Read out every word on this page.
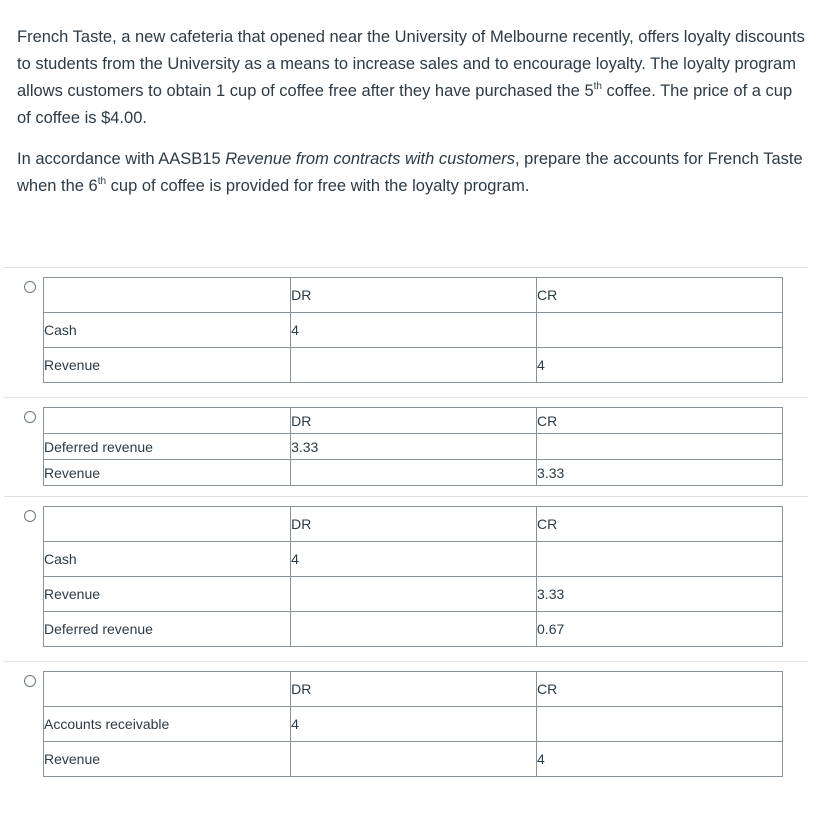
French Taste, a new cafeteria that opened near the University of Melbourne recently, offers loyalty discounts to students from the University as a means to increase sales and to encourage loyalty. The loyalty program allows customers to obtain 1 cup of coffee free after they have purchased the 5th coffee. The price of a cup of coffee is $4.00.

In accordance with AASB15 Revenue from contracts with customers, prepare the accounts for French Taste when the 6th cup of coffee is provided for free with the loyalty program.

	DR	CR
Cash	4	
Revenue		4
	DR	CR
Deferred revenue	3.33	
Revenue		3.33
	DR	CR
Cash	4	
Revenue		3.33
Deferred revenue		0.67
	DR	CR
Accounts receivable	4	
Revenue		4
